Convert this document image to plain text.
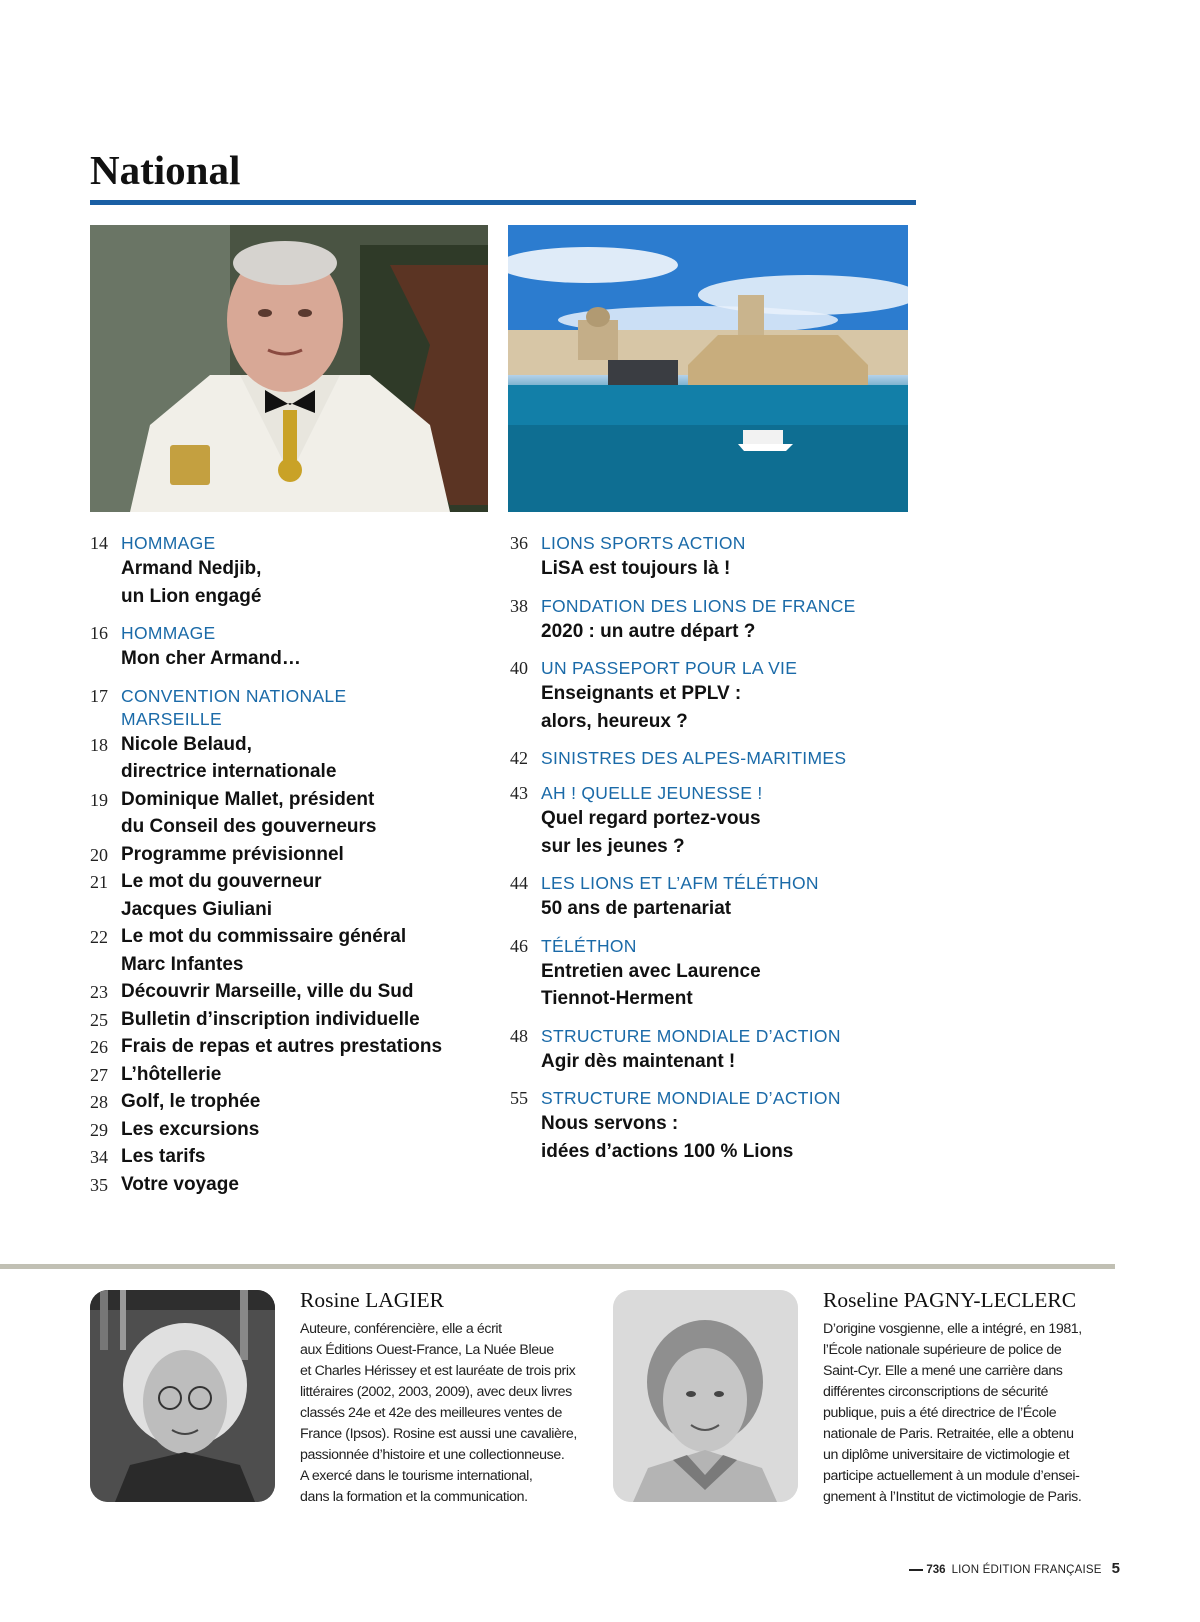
National
14 HOMMAGE
Armand Nedjib,
un Lion engagé
16 HOMMAGE
Mon cher Armand…
17 CONVENTION NATIONALE
MARSEILLE
18 Nicole Belaud,
directrice internationale
19 Dominique Mallet, président
du Conseil des gouverneurs
20 Programme prévisionnel
21 Le mot du gouverneur
Jacques Giuliani
22 Le mot du commissaire général
Marc Infantes
23 Découvrir Marseille, ville du Sud
25 Bulletin d’inscription individuelle
26 Frais de repas et autres prestations
27 L’hôtellerie
28 Golf, le trophée
29 Les excursions
34 Les tarifs
35 Votre voyage
36 LIONS SPORTS ACTION
LiSA est toujours là !
38 FONDATION DES LIONS DE FRANCE
2020 : un autre départ ?
40 UN PASSEPORT POUR LA VIE
Enseignants et PPLV :
alors, heureux ?
42 SINISTRES DES ALPES-MARITIMES
43 AH ! QUELLE JEUNESSE !
Quel regard portez-vous
sur les jeunes ?
44 LES LIONS ET L’AFM TÉLÉTHON
50 ans de partenariat
46 TÉLÉTHON
Entretien avec Laurence
Tiennot-Herment
48 STRUCTURE MONDIALE D’ACTION
Agir dès maintenant !
55 STRUCTURE MONDIALE D’ACTION
Nous servons :
idées d’actions 100 % Lions
Rosine LAGIER
Auteure, conférencière, elle a écrit
aux Éditions Ouest-France, La Nuée Bleue
et Charles Hérissey et est lauréate de trois prix
littéraires (2002, 2003, 2009), avec deux livres
classés 24e et 42e des meilleures ventes de
France (Ipsos). Rosine est aussi une cavalière,
passionnée d’histoire et une collectionneuse.
A exercé dans le tourisme international,
dans la formation et la communication.
Roseline PAGNY-LECLERC
D’origine vosgienne, elle a intégré, en 1981,
l’École nationale supérieure de police de
Saint-Cyr. Elle a mené une carrière dans
différentes circonscriptions de sécurité
publique, puis a été directrice de l’École
nationale de Paris. Retraitée, elle a obtenu
un diplôme universitaire de victimologie et
participe actuellement à un module d’ensei-
gnement à l’Institut de victimologie de Paris.
736 LION ÉDITION FRANÇAISE 5
